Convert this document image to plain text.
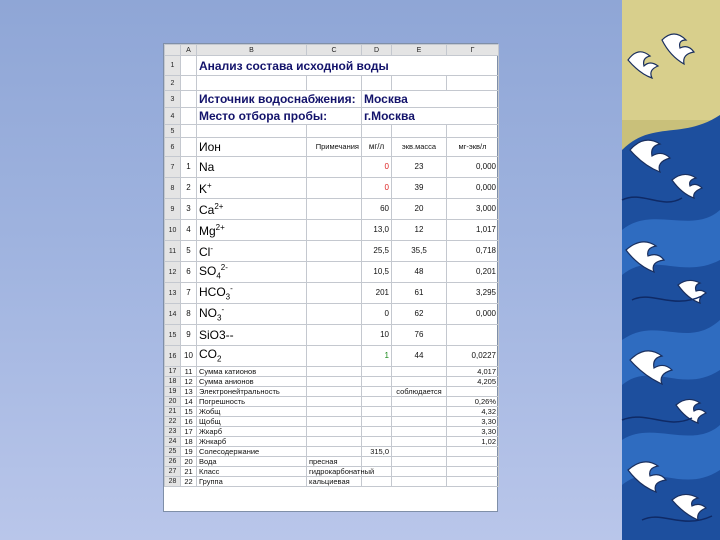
	A	B	C	D	E	Г
1		Анализ состава исходной воды				
2						
3		Источник водоснабжения:		Москва		
4		Место отбора пробы:		г.Москва		
5						
6		Ион	Примечания	мг/л	экв.масса	мг-экв/л
7	1	Na		0	23	0,000
8	2	K+		0	39	0,000
9	3	$Ca^{2+}$		60	20	3,000
10	4	$Mg^{2+}$		13,0	12	1,017
11	5	Cl-		25,5	35,5	0,718
12	6	$SO_4^{2-}$		10,5	48	0,201
13	7	$HCO_3^-$		201	61	3,295
14	8	$NO_3^-$		0	62	0,000
15	9	SiO3--		10	76	
16	10	$CO_2$		1	44	0,0227
17	11	Сумма катионов				4,017
18	12	Сумма анионов				4,205
19	13	Электронейтральность			соблюдается	
20	14	Погрешность				0,26%
21	15	Жобщ				4,32
22	16	Щобщ				3,30
23	17	Жкарб				3,30
24	18	Жнкарб				1,02
25	19	Солесодержание		315,0		
26	20	Вода	пресная			
27	21	Класс	гидрокарбонатный			
28	22	Группа	кальциевая			
